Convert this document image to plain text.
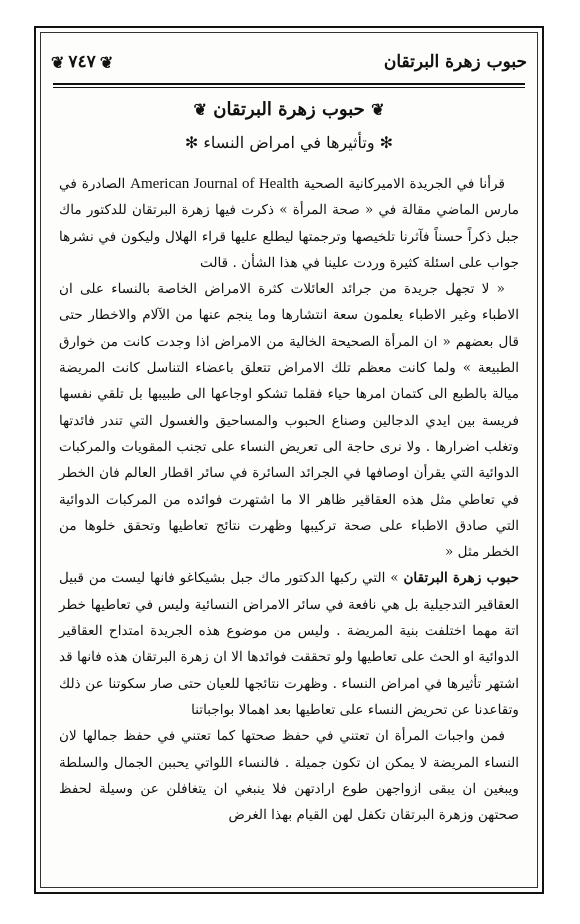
حبوب زهرة البرتقان
❦ ٧٤٧ ❦
❦ حبوب زهرة البرتقان ❦
✻ وتأثيرها في امراض النساء ✻

قرأنا في الجريدة الاميركانية الصحية American Journal of Health الصادرة في مارس الماضي مقالة في « صحة المرأة » ذكرت فيها زهرة البرتقان للدكتور ماك جبل ذكراً حسناً فآثرنا تلخيصها وترجمتها ليطلع عليها قراء الهلال وليكون في نشرها جواب على اسئلة كثيرة وردت علينا في هذا الشأن . قالت

« لا تجهل جريدة من جرائد العائلات كثرة الامراض الخاصة بالنساء على ان الاطباء وغير الاطباء يعلمون سعة انتشارها وما ينجم عنها من الآلام والاخطار حتى قال بعضهم « ان المرأة الصحيحة الخالية من الامراض اذا وجدت كانت من خوارق الطبيعة » ولما كانت معظم تلك الامراض تتعلق باعضاء التناسل كانت المريضة ميالة بالطبع الى كتمان امرها حياء فقلما تشكو اوجاعها الى طبيبها بل تلقي نفسها فريسة بين ايدي الدجالين وصناع الحبوب والمساحيق والغسول التي تندر فائدتها وتغلب اضرارها . ولا نرى حاجة الى تعريض النساء على تجنب المقويات والمركبات الدوائية التي يقرأن اوصافها في الجرائد السائرة في سائر اقطار العالم فان الخطر في تعاطي مثل هذه العقاقير ظاهر الا ما اشتهرت فوائده من المركبات الدوائية التي صادق الاطباء على صحة تركيبها وظهرت نتائج تعاطيها وتحقق خلوها من الخطر مثل «

حبوب زهرة البرتقان » التي ركبها الدكتور ماك جبل بشيكاغو فانها ليست من قبيل العقاقير التدجيلية بل هي نافعة في سائر الامراض النسائية وليس في تعاطيها خطر اتة مهما اختلفت بنية المريضة . وليس من موضوع هذه الجريدة امتداح العقاقير الدوائية او الحث على تعاطيها ولو تحققت فوائدها الا ان زهرة البرتقان هذه فانها قد اشتهر تأثيرها في امراض النساء . وظهرت نتائجها للعيان حتى صار سكوتنا عن ذلك وتقاعدنا عن تحريض النساء على تعاطيها بعد اهمالا بواجباتنا

فمن واجبات المرأة ان تعتني في حفظ صحتها كما تعتني في حفظ جمالها لان النساء المريضة لا يمكن ان تكون جميلة . فالنساء اللواتي يحببن الجمال والسلطة ويبغين ان يبقى ازواجهن طوع ارادتهن فلا ينبغي ان يتغافلن عن وسيلة لحفظ صحتهن وزهرة البرتقان تكفل لهن القيام بهذا الغرض
